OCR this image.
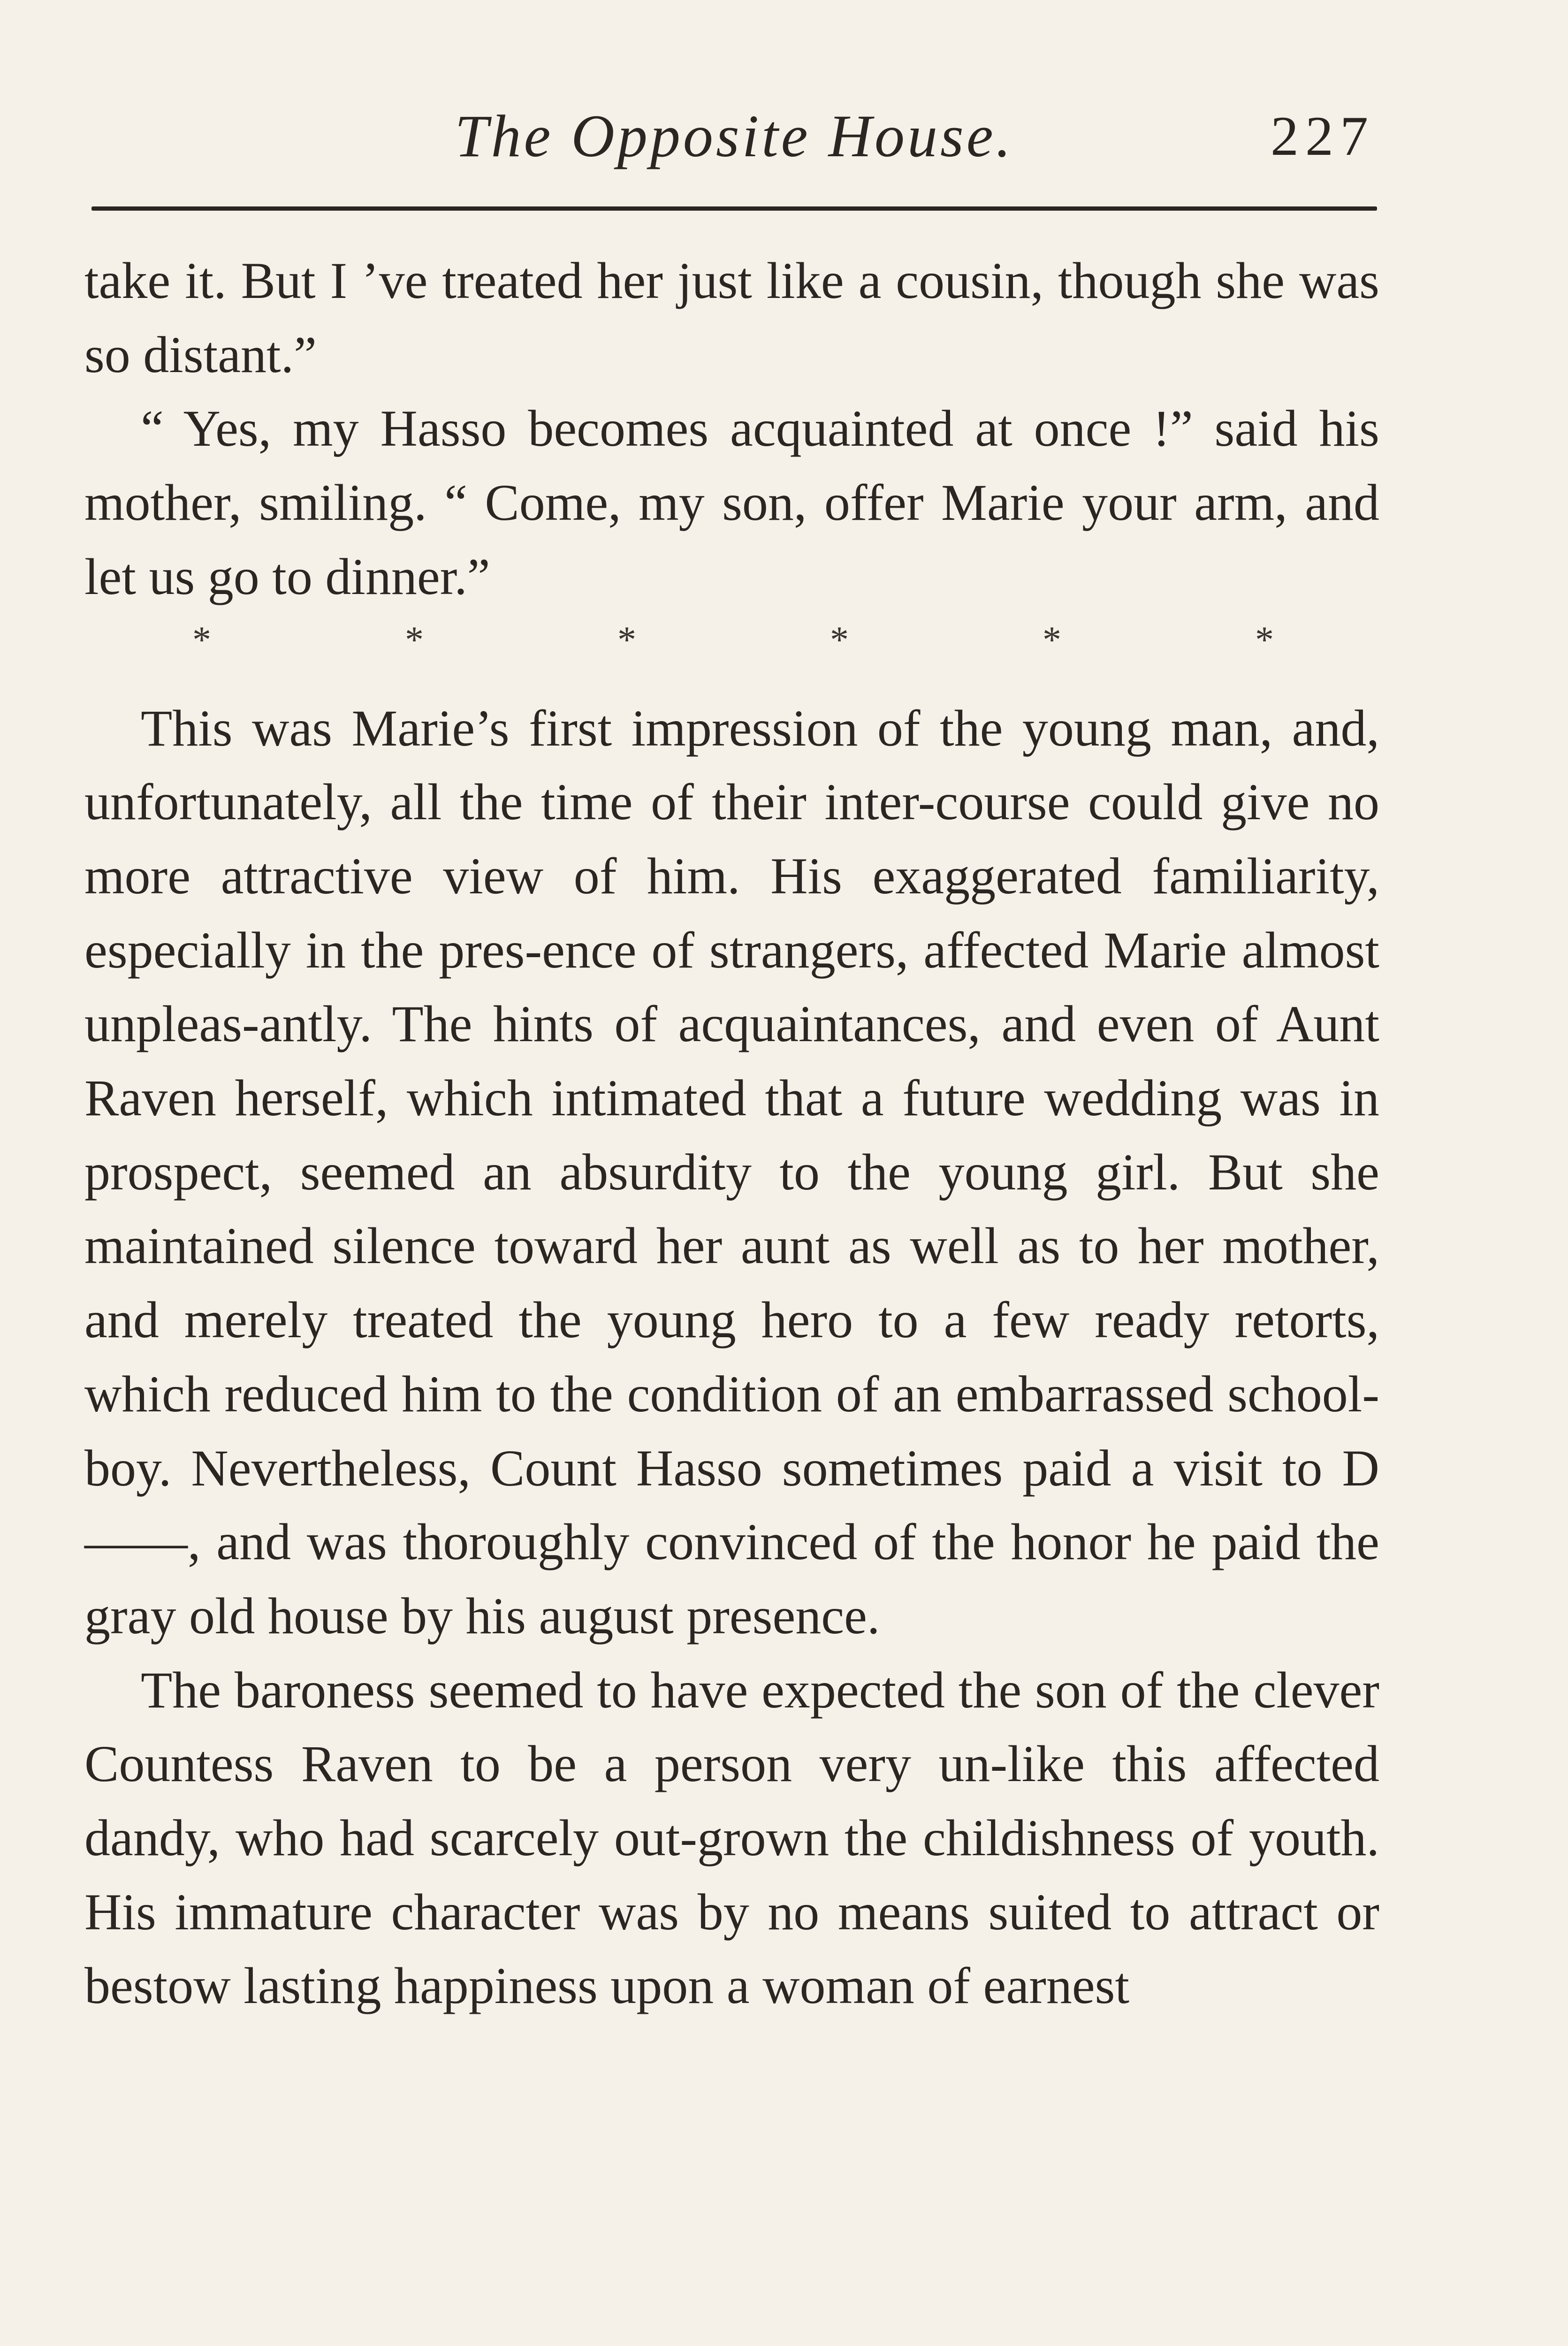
The Opposite House.	227

take it. But I ’ve treated her just like a cousin, though she was so distant.”

“ Yes, my Hasso becomes acquainted at once !” said his mother, smiling. “ Come, my son, offer Marie your arm, and let us go to dinner.”

*	*	*	*	*	*

This was Marie’s first impression of the young man, and, unfortunately, all the time of their inter-course could give no more attractive view of him. His exaggerated familiarity, especially in the pres-ence of strangers, affected Marie almost unpleas-antly. The hints of acquaintances, and even of Aunt Raven herself, which intimated that a future wedding was in prospect, seemed an absurdity to the young girl. But she maintained silence toward her aunt as well as to her mother, and merely treated the young hero to a few ready retorts, which reduced him to the condition of an embarrassed school-boy. Nevertheless, Count Hasso sometimes paid a visit to D——, and was thoroughly convinced of the honor he paid the gray old house by his august presence.

The baroness seemed to have expected the son of the clever Countess Raven to be a person very un-like this affected dandy, who had scarcely out-grown the childishness of youth. His immature character was by no means suited to attract or bestow lasting happiness upon a woman of earnest
